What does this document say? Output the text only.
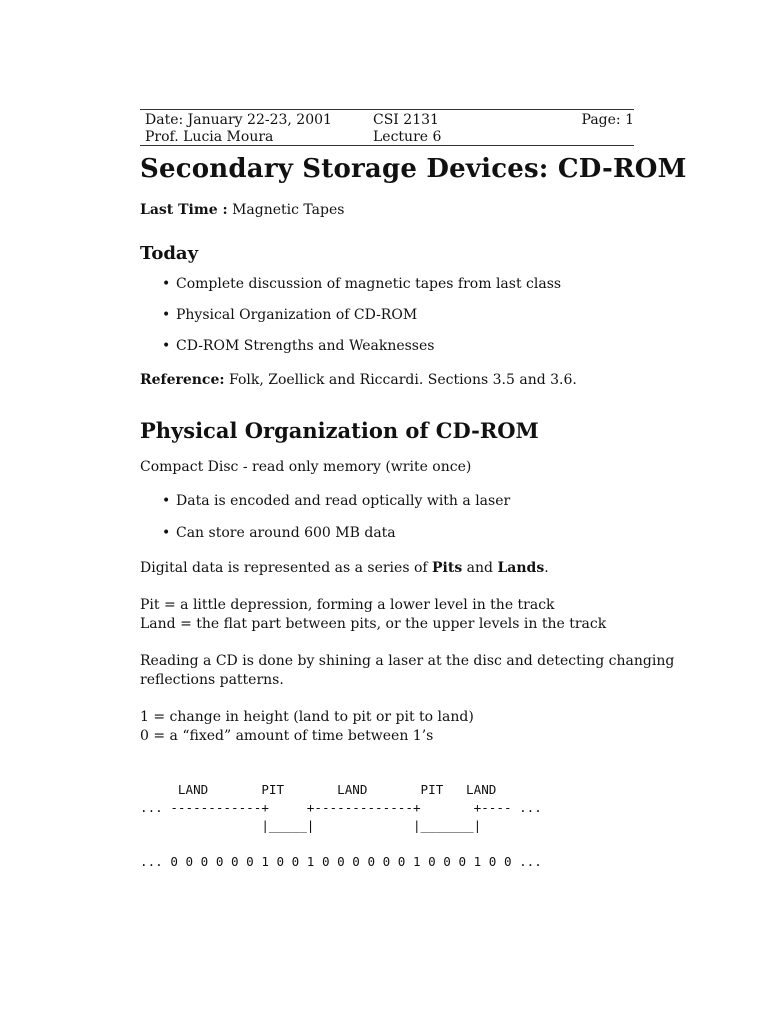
Date: January 22-23, 2001
Prof. Lucia Moura
CSI 2131
Lecture 6
Page: 1
Secondary Storage Devices: CD-ROM
Last Time : Magnetic Tapes
Today
• Complete discussion of magnetic tapes from last class
• Physical Organization of CD-ROM
• CD-ROM Strengths and Weaknesses
Reference: Folk, Zoellick and Riccardi. Sections 3.5 and 3.6.
Physical Organization of CD-ROM
Compact Disc - read only memory (write once)
• Data is encoded and read optically with a laser
• Can store around 600 MB data
Digital data is represented as a series of Pits and Lands.
Pit = a little depression, forming a lower level in the track
Land = the flat part between pits, or the upper levels in the track
Reading a CD is done by shining a laser at the disc and detecting changing
reflections patterns.
1 = change in height (land to pit or pit to land)
0 = a “fixed” amount of time between 1’s
LAND       PIT       LAND       PIT   LAND
... ------------+     +-------------+       +---- ...
|_____|             |_______|

... 0 0 0 0 0 0 1 0 0 1 0 0 0 0 0 0 1 0 0 0 1 0 0 ...
